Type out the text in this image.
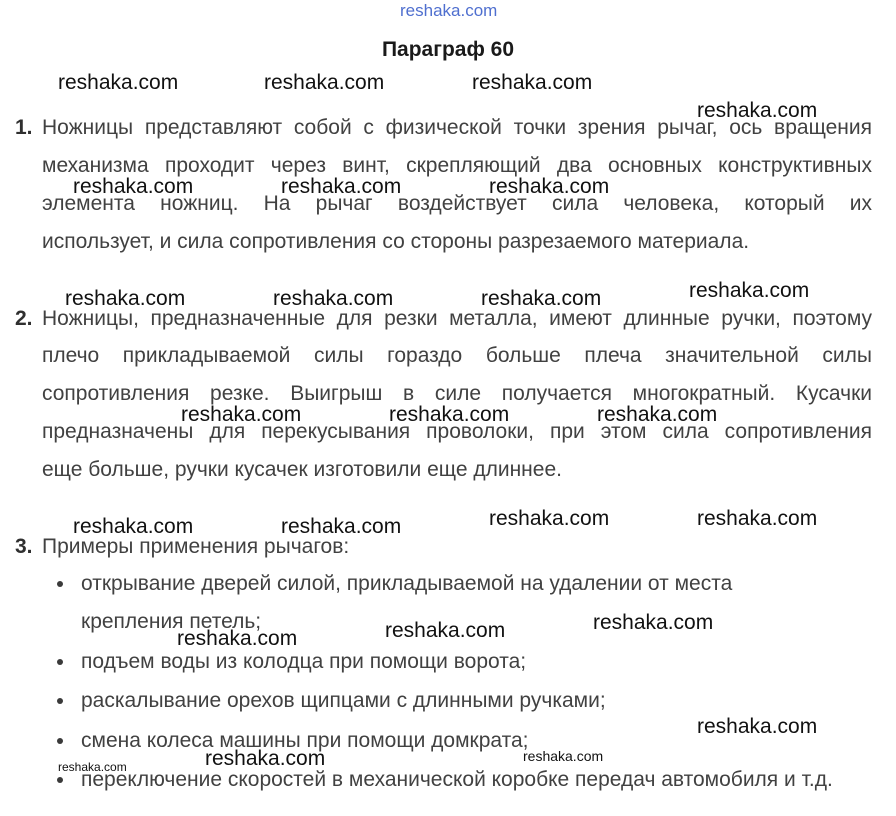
reshaka.com
Параграф 60
1. Ножницы представляют собой с физической точки зрения рычаг, ось вращения
механизма проходит через винт, скрепляющий два основных конструктивных
элемента ножниц. На рычаг воздействует сила человека, который их
использует, и сила сопротивления со стороны разрезаемого материала.
2. Ножницы, предназначенные для резки металла, имеют длинные ручки, поэтому
плечо прикладываемой силы гораздо больше плеча значительной силы
сопротивления резке. Выигрыш в силе получается многократный. Кусачки
предназначены для перекусывания проволоки, при этом сила сопротивления
еще больше, ручки кусачек изготовили еще длиннее.
3. Примеры применения рычагов:
открывание дверей силой, прикладываемой на удалении от места
крепления петель;
подъем воды из колодца при помощи ворота;
раскалывание орехов щипцами с длинными ручками;
смена колеса машины при помощи домкрата;
переключение скоростей в механической коробке передач автомобиля и т.д.
reshaka.com	reshaka.com	reshaka.com
reshaka.com
reshaka.com	reshaka.com	reshaka.com
reshaka.com	reshaka.com	reshaka.com	reshaka.com
reshaka.com	reshaka.com	reshaka.com
reshaka.com	reshaka.com	reshaka.com	reshaka.com
reshaka.com	reshaka.com	reshaka.com
reshaka.com
reshaka.com
reshaka.com
reshaka.com
